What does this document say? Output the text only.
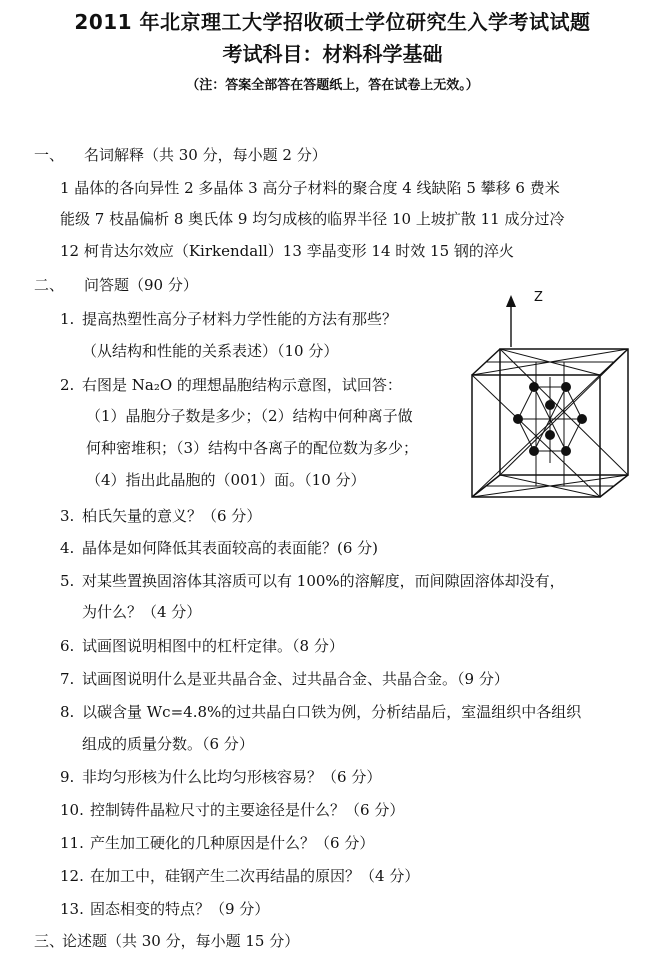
2011 年北京理工大学招收硕士学位研究生入学考试试题
考试科目：材料科学基础
（注：答案全部答在答题纸上，答在试卷上无效。）
一、 名词解释（共 30 分，每小题 2 分）
1 晶体的各向异性 2 多晶体 3 高分子材料的聚合度 4 线缺陷 5 攀移 6 费米
能级 7 枝晶偏析 8 奥氏体 9 均匀成核的临界半径 10 上坡扩散 11 成分过冷
12 柯肯达尔效应（Kirkendall）13 孪晶变形 14 时效 15 钢的淬火
二、 问答题（90 分）
1. 提高热塑性高分子材料力学性能的方法有那些？
（从结构和性能的关系表述）（10 分）
2. 右图是 Na₂O 的理想晶胞结构示意图，试回答：
（1）晶胞分子数是多少；（2）结构中何种离子做
何种密堆积；（3）结构中各离子的配位数为多少；
（4）指出此晶胞的（001）面。（10 分）
3. 柏氏矢量的意义？（6 分）
4. 晶体是如何降低其表面较高的表面能？(6 分)
5. 对某些置换固溶体其溶质可以有 100%的溶解度，而间隙固溶体却没有，
为什么？（4 分）
6. 试画图说明相图中的杠杆定律。（8 分）
7. 试画图说明什么是亚共晶合金、过共晶合金、共晶合金。（9 分）
8. 以碳含量 Wc=4.8%的过共晶白口铁为例，分析结晶后，室温组织中各组织
组成的质量分数。（6 分）
9. 非均匀形核为什么比均匀形核容易？（6 分）
10. 控制铸件晶粒尺寸的主要途径是什么？（6 分）
11. 产生加工硬化的几种原因是什么？（6 分）
12. 在加工中，硅钢产生二次再结晶的原因？（4 分）
13. 固态相变的特点？（9 分）
三、
论述题（共 30 分，每小题 15 分）
Z
